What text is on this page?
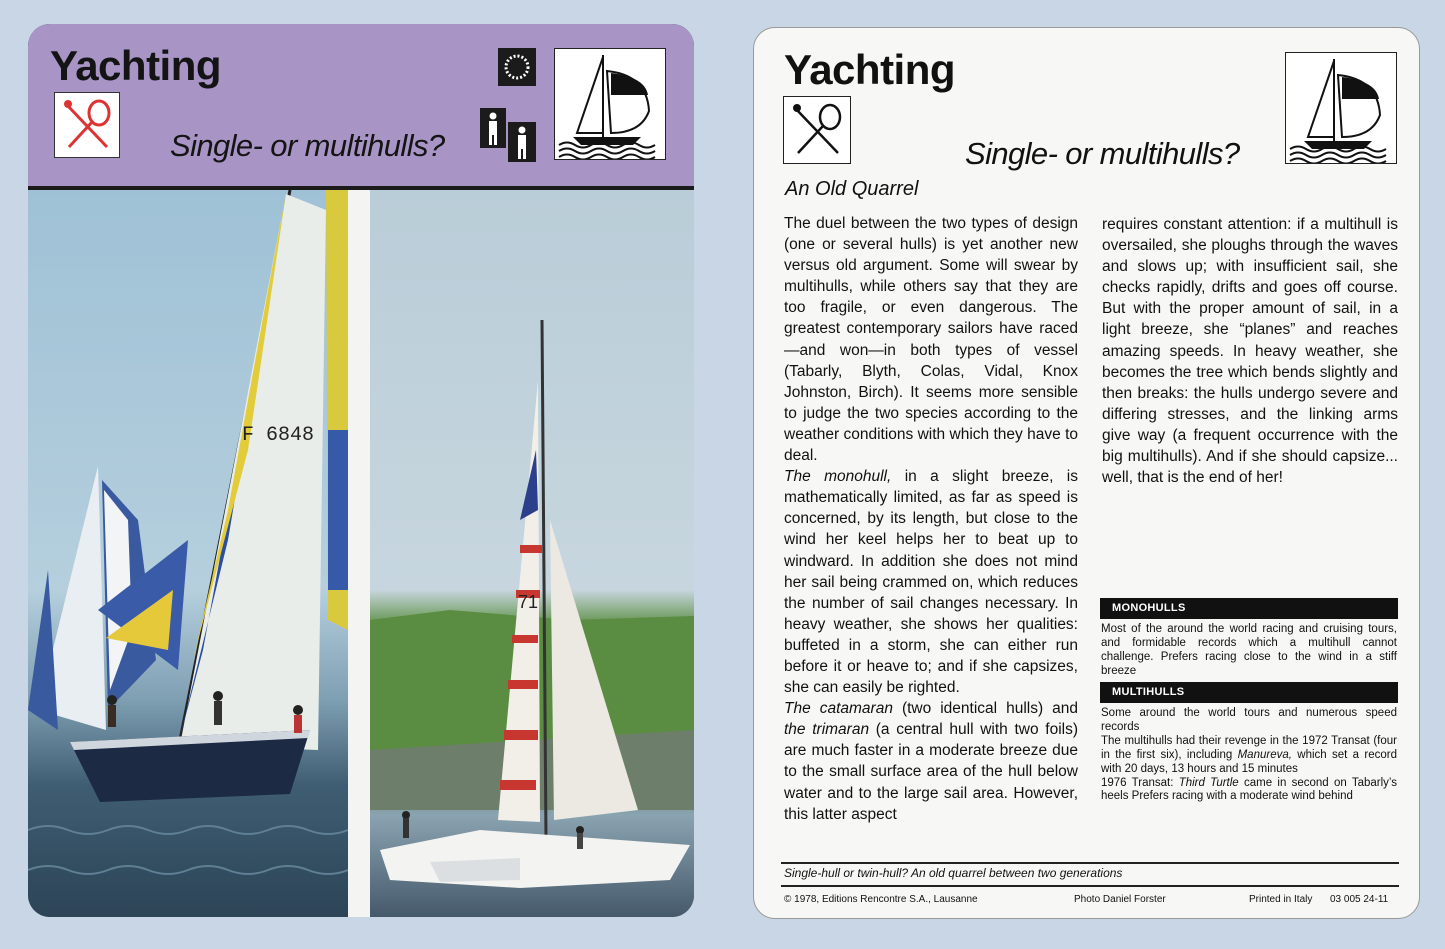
Yachting
Single- or multihulls?
F 6848
71
Yachting
Single- or multihulls?
An Old Quarrel

The duel between the two types of design (one or several hulls) is yet another new versus old argument. Some will swear by multihulls, while others say that they are too fragile, or even dangerous. The greatest contemporary sailors have raced—and won—in both types of vessel (Tabarly, Blyth, Colas, Vidal, Knox Johnston, Birch). It seems more sensible to judge the two species according to the weather conditions with which they have to deal.

The monohull, in a slight breeze, is mathematically limited, as far as speed is concerned, by its length, but close to the wind her keel helps her to beat up to windward. In addition she does not mind her sail being crammed on, which reduces the number of sail changes necessary. In heavy weather, she shows her qualities: buffeted in a storm, she can either run before it or heave to; and if she capsizes, she can easily be righted.

The catamaran (two identical hulls) and the trimaran (a central hull with two foils) are much faster in a moderate breeze due to the small surface area of the hull below water and to the large sail area. However, this latter aspect

requires constant attention: if a multihull is oversailed, she ploughs through the waves and slows up; with insufficient sail, she checks rapidly, drifts and goes off course. But with the proper amount of sail, in a light breeze, she “planes” and reaches amazing speeds. In heavy weather, she becomes the tree which bends slightly and then breaks: the hulls undergo severe and differing stresses, and the linking arms give way (a frequent occurrence with the big multihulls). And if she should capsize... well, that is the end of her!

MONOHULLS

Most of the around the world racing and cruising tours, and formidable records which a multihull cannot challenge. Prefers racing close to the wind in a stiff breeze

MULTIHULLS

Some around the world tours and numerous speed records

The multihulls had their revenge in the 1972 Transat (four in the first six), including Manureva, which set a record with 20 days, 13 hours and 15 minutes

1976 Transat: Third Turtle came in second on Tabarly’s heels Prefers racing with a moderate wind behind

Single-hull or twin-hull? An old quarrel between two generations
© 1978, Editions Rencontre S.A., Lausanne	Photo Daniel Forster	Printed in Italy 03 005 24-11
